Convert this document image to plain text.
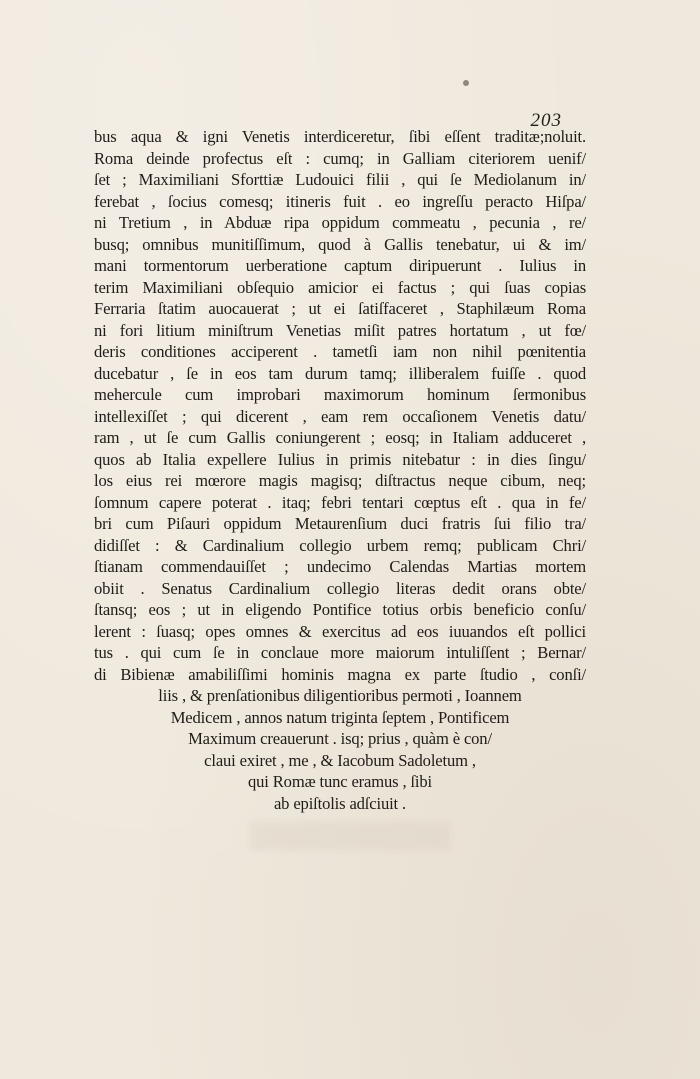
203
bus aqua & igni Venetis interdiceretur, ſibi eſſent traditæ;noluit.
Roma deinde profectus eſt : cumq; in Galliam citeriorem uenif/
ſet ; Maximiliani Sforttiæ Ludouici filii , qui ſe Mediolanum in/
ferebat , ſocius comesq; itineris fuit . eo ingreſſu peracto Hiſpa/
ni Tretium , in Abduæ ripa oppidum commeatu , pecunia , re/
busq; omnibus munitiſſimum, quod à Gallis tenebatur, ui & im/
mani tormentorum uerberatione captum diripuerunt . Iulius in
terim Maximiliani obſequio amicior ei factus ; qui ſuas copias
Ferraria ſtatim auocauerat ; ut ei ſatiſfaceret , Staphilæum Roma
ni fori litium miniſtrum Venetias miſit patres hortatum , ut fœ/
deris conditiones acciperent . tametſi iam non nihil pœnitentia
ducebatur , ſe in eos tam durum tamq; illiberalem fuiſſe . quod
mehercule cum improbari maximorum hominum ſermonibus
intellexiſſet ; qui dicerent , eam rem occaſionem Venetis datu/
ram , ut ſe cum Gallis coniungerent ; eosq; in Italiam adduceret ,
quos ab Italia expellere Iulius in primis nitebatur : in dies ſingu/
los eius rei mœrore magis magisq; diſtractus neque cibum, neq;
ſomnum capere poterat . itaq; febri tentari cœptus eſt . qua in fe/
bri cum Piſauri oppidum Metaurenſium duci fratris ſui filio tra/
didiſſet : & Cardinalium collegio urbem remq; publicam Chri/
ſtianam commendauiſſet ; undecimo Calendas Martias mortem
obiit . Senatus Cardinalium collegio literas dedit orans obte/
ſtansq; eos ; ut in eligendo Pontifice totius orbis beneficio conſu/
lerent : ſuasq; opes omnes & exercitus ad eos iuuandos eſt pollici
tus . qui cum ſe in conclaue more maiorum intuliſſent ; Bernar/
di Bibienæ amabiliſſimi hominis magna ex parte ſtudio , conſi/
liis , & prenſationibus diligentioribus permoti , Ioannem
Medicem , annos natum triginta ſeptem , Pontificem
Maximum creauerunt . isq; prius , quàm è con/
claui exiret , me , & Iacobum Sadoletum ,
qui Romæ tunc eramus , ſibi
ab epiſtolis adſciuit .
